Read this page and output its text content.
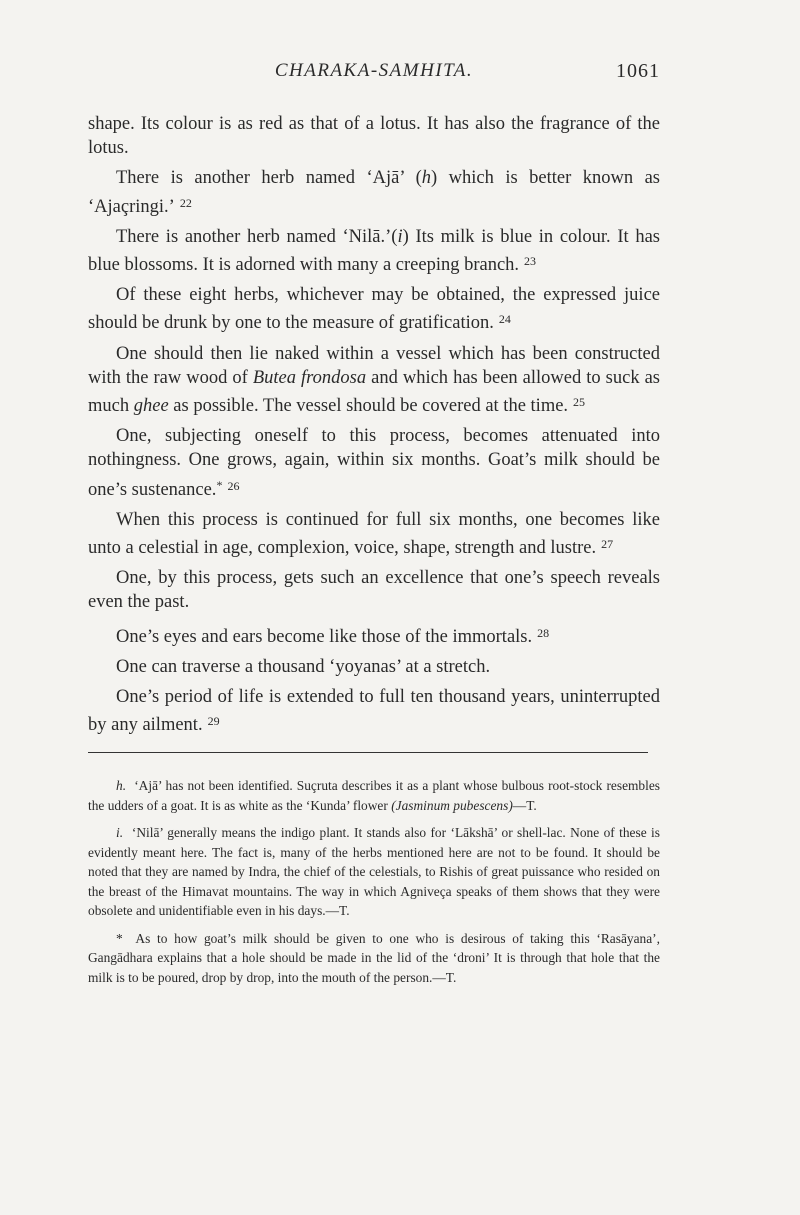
CHARAKA-SAMHITA.	1061

shape. Its colour is as red as that of a lotus. It has also the fragrance of the lotus.

There is another herb named ‘Ajā’ (h) which is better known as ‘Ajaçringi.’ $^{22}$

There is another herb named ‘Nilā.’(i) Its milk is blue in colour. It has blue blossoms. It is adorned with many a creeping branch. $^{23}$

Of these eight herbs, whichever may be obtained, the expressed juice should be drunk by one to the measure of gratification. $^{24}$

One should then lie naked within a vessel which has been constructed with the raw wood of Butea frondosa and which has been allowed to suck as much ghee as possible. The vessel should be covered at the time. $^{25}$

One, subjecting oneself to this process, becomes attenuated into nothingness. One grows, again, within six months. Goat’s milk should be one’s sustenance.* $^{26}$

When this process is continued for full six months, one becomes like unto a celestial in age, complexion, voice, shape, strength and lustre. $^{27}$

One, by this process, gets such an excellence that one’s speech reveals even the past.

One’s eyes and ears become like those of the immortals. $^{28}$

One can traverse a thousand ‘yoyanas’ at a stretch.

One’s period of life is extended to full ten thousand years, uninterrupted by any ailment. $^{29}$

h. ‘Ajā’ has not been identified. Suçruta describes it as a plant whose bulbous root-stock resembles the udders of a goat. It is as white as the ‘Kunda’ flower (Jasminum pubescens)—T.

i. ‘Nilā’ generally means the indigo plant. It stands also for ‘Lākshā’ or shell-lac. None of these is evidently meant here. The fact is, many of the herbs mentioned here are not to be found. It should be noted that they are named by Indra, the chief of the celestials, to Rishis of great puissance who resided on the breast of the Himavat mountains. The way in which Agniveça speaks of them shows that they were obsolete and unidentifiable even in his days.—T.

* As to how goat’s milk should be given to one who is desirous of taking this ‘Rasāyana’, Gangādhara explains that a hole should be made in the lid of the ‘droni’ It is through that hole that the milk is to be poured, drop by drop, into the mouth of the person.—T.
